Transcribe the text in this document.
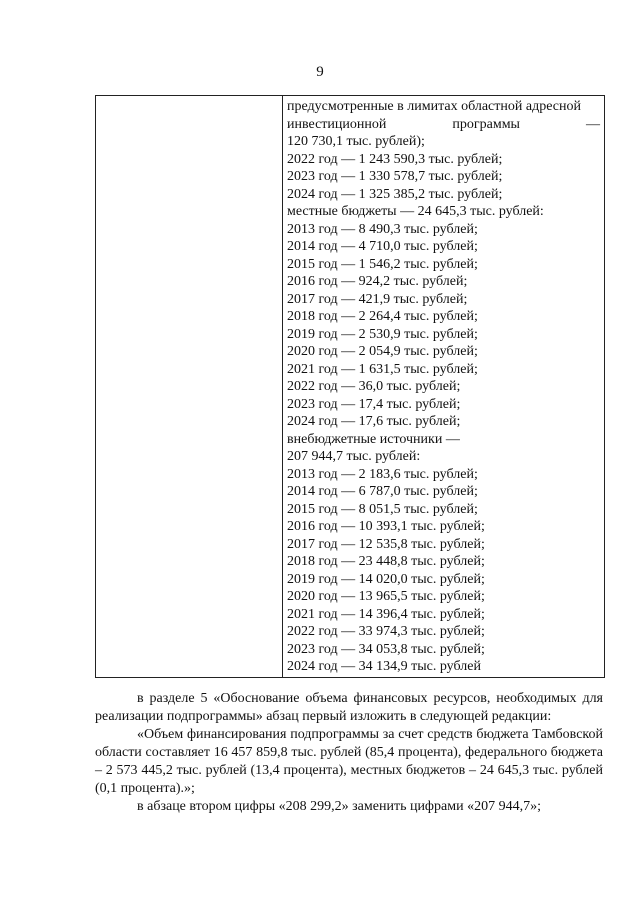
9
предусмотренные в лимитах областной адресной
инвестиционной	программы	—
120 730,1 тыс. рублей);
2022 год — 1 243 590,3 тыс. рублей;
2023 год — 1 330 578,7 тыс. рублей;
2024 год — 1 325 385,2 тыс. рублей;
местные бюджеты — 24 645,3 тыс. рублей:
2013 год — 8 490,3 тыс. рублей;
2014 год — 4 710,0 тыс. рублей;
2015 год — 1 546,2 тыс. рублей;
2016 год — 924,2 тыс. рублей;
2017 год — 421,9 тыс. рублей;
2018 год — 2 264,4 тыс. рублей;
2019 год — 2 530,9 тыс. рублей;
2020 год — 2 054,9 тыс. рублей;
2021 год — 1 631,5 тыс. рублей;
2022 год — 36,0 тыс. рублей;
2023 год — 17,4 тыс. рублей;
2024 год — 17,6 тыс. рублей;
внебюджетные источники —
207 944,7 тыс. рублей:
2013 год — 2 183,6 тыс. рублей;
2014 год — 6 787,0 тыс. рублей;
2015 год — 8 051,5 тыс. рублей;
2016 год — 10 393,1 тыс. рублей;
2017 год — 12 535,8 тыс. рублей;
2018 год — 23 448,8 тыс. рублей;
2019 год — 14 020,0 тыс. рублей;
2020 год — 13 965,5 тыс. рублей;
2021 год — 14 396,4 тыс. рублей;
2022 год — 33 974,3 тыс. рублей;
2023 год — 34 053,8 тыс. рублей;
2024 год — 34 134,9 тыс. рублей

в разделе 5 «Обоснование объема финансовых ресурсов, необходимых для реализации подпрограммы» абзац первый изложить в следующей редакции:

«Объем финансирования подпрограммы за счет средств бюджета Тамбовской области составляет 16 457 859,8 тыс. рублей (85,4 процента), федерального бюджета – 2 573 445,2 тыс. рублей (13,4 процента), местных бюджетов – 24 645,3 тыс. рублей (0,1 процента).»;

в абзаце втором цифры «208 299,2» заменить цифрами «207 944,7»;
